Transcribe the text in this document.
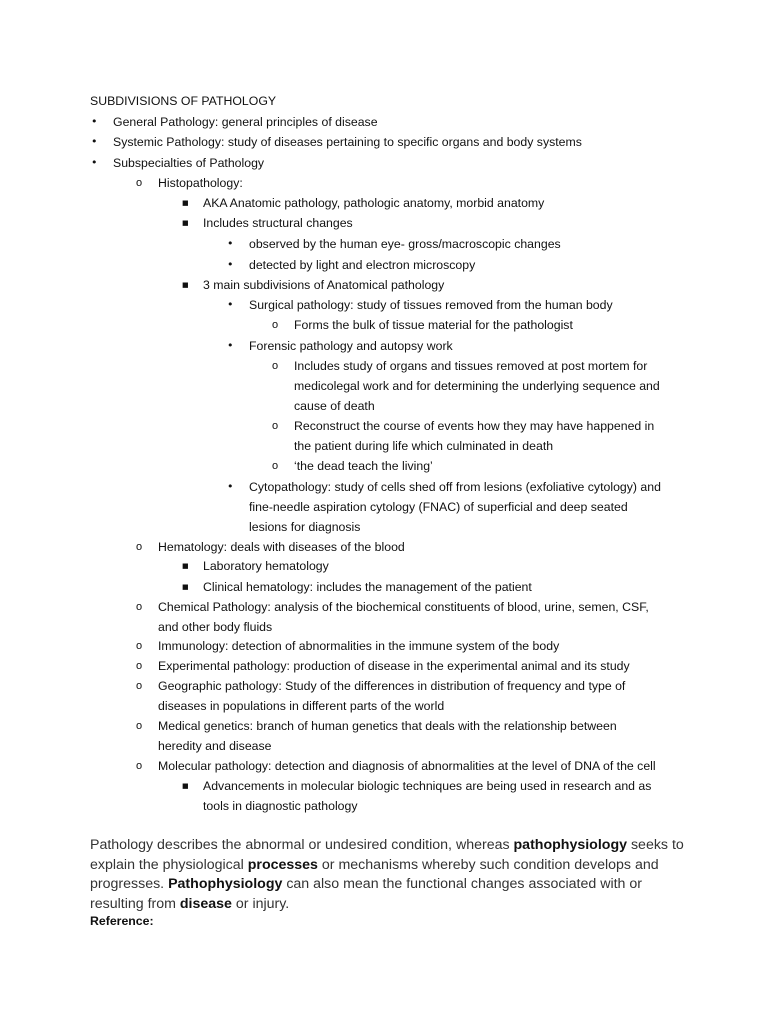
SUBDIVISIONS OF PATHOLOGY
• General Pathology: general principles of disease
• Systemic Pathology: study of diseases pertaining to specific organs and body systems
• Subspecialties of Pathology
o Histopathology:
■ AKA Anatomic pathology, pathologic anatomy, morbid anatomy
■ Includes structural changes
• observed by the human eye- gross/macroscopic changes
• detected by light and electron microscopy
■ 3 main subdivisions of Anatomical pathology
• Surgical pathology: study of tissues removed from the human body
o Forms the bulk of tissue material for the pathologist
• Forensic pathology and autopsy work
o Includes study of organs and tissues removed at post mortem for
medicolegal work and for determining the underlying sequence and
cause of death
o Reconstruct the course of events how they may have happened in
the patient during life which culminated in death
o ‘the dead teach the living’
• Cytopathology: study of cells shed off from lesions (exfoliative cytology) and
fine-needle aspiration cytology (FNAC) of superficial and deep seated
lesions for diagnosis
o Hematology: deals with diseases of the blood
■ Laboratory hematology
■ Clinical hematology: includes the management of the patient
o Chemical Pathology: analysis of the biochemical constituents of blood, urine, semen, CSF,
and other body fluids
o Immunology: detection of abnormalities in the immune system of the body
o Experimental pathology: production of disease in the experimental animal and its study
o Geographic pathology: Study of the differences in distribution of frequency and type of
diseases in populations in different parts of the world
o Medical genetics: branch of human genetics that deals with the relationship between
heredity and disease
o Molecular pathology: detection and diagnosis of abnormalities at the level of DNA of the cell
■ Advancements in molecular biologic techniques are being used in research and as
tools in diagnostic pathology
Pathology describes the abnormal or undesired condition, whereas pathophysiology seeks to explain the physiological processes or mechanisms whereby such condition develops and progresses. Pathophysiology can also mean the functional changes associated with or resulting from disease or injury.
Reference:
